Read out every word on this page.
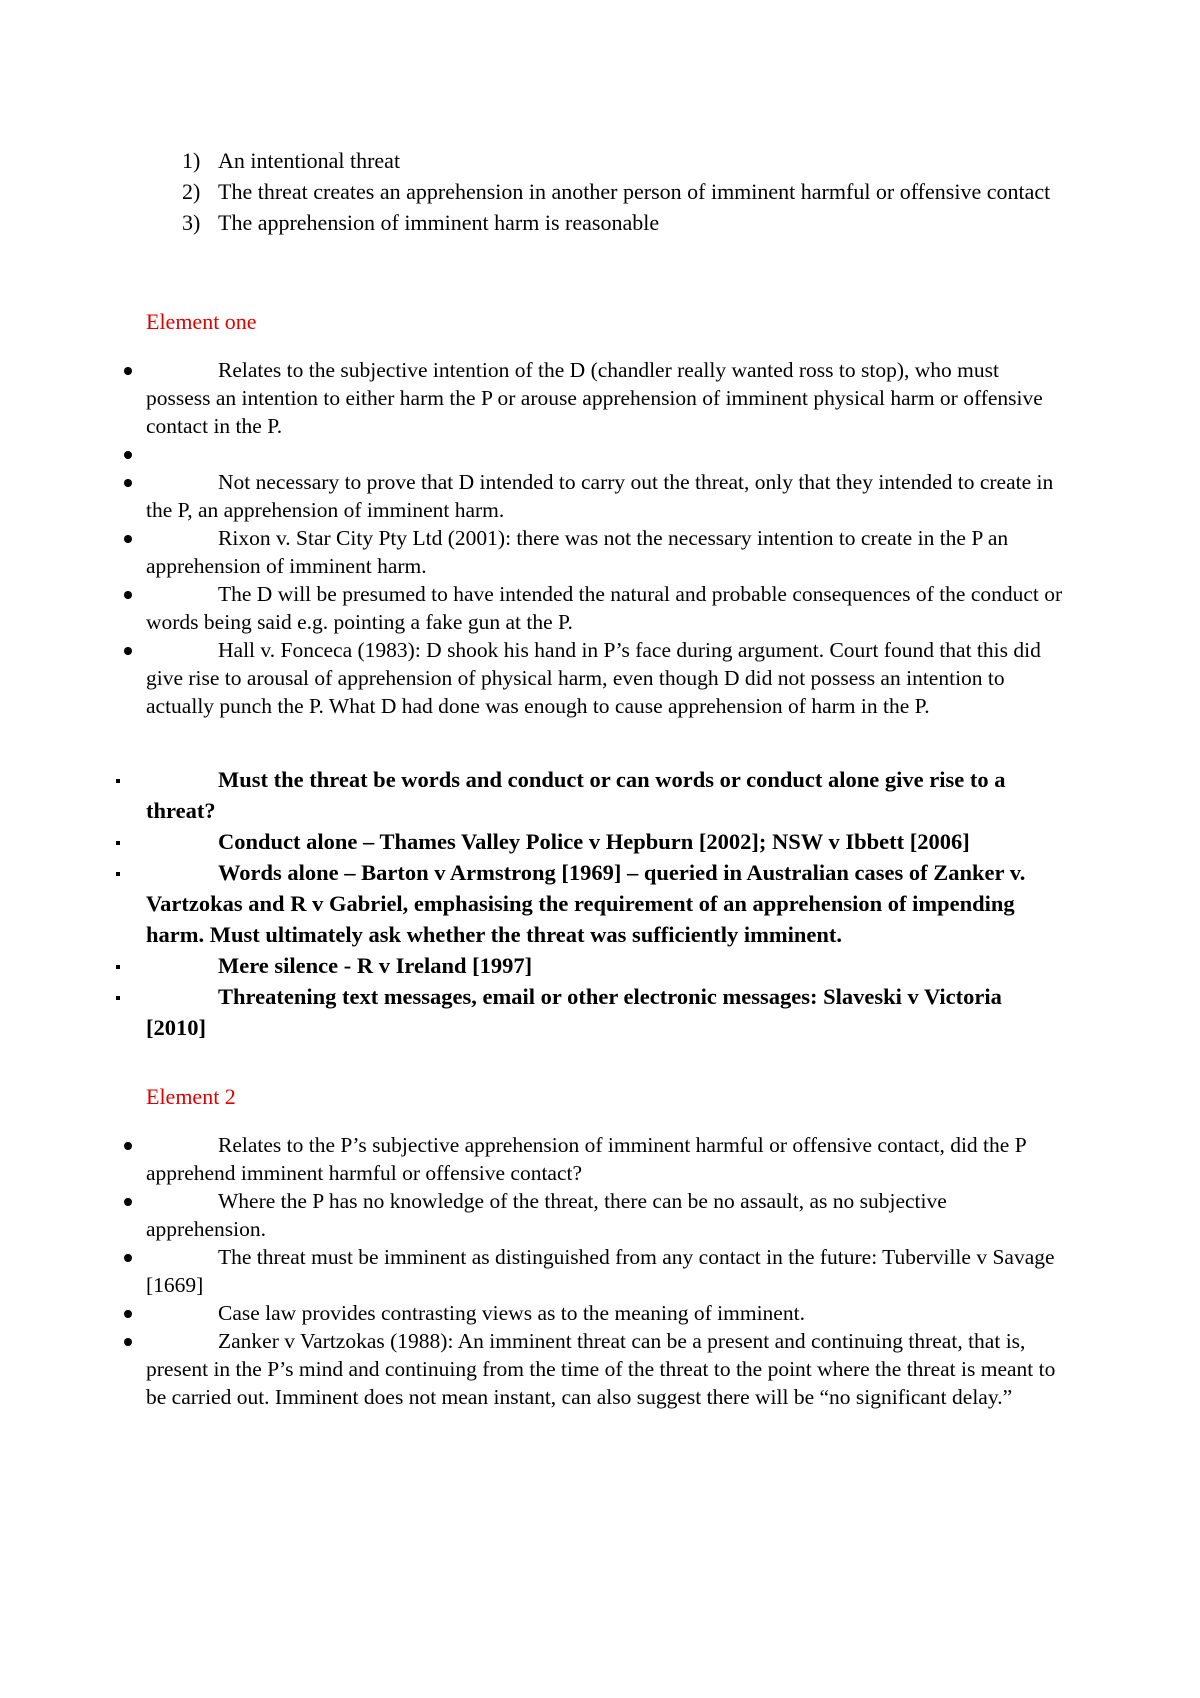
1) An intentional threat
2) The threat creates an apprehension in another person of imminent harmful or offensive contact
3) The apprehension of imminent harm is reasonable

Element one

Relates to the subjective intention of the D (chandler really wanted ross to stop), who must possess an intention to either harm the P or arouse apprehension of imminent physical harm or offensive contact in the P.
Not necessary to prove that D intended to carry out the threat, only that they intended to create in the P, an apprehension of imminent harm.
Rixon v. Star City Pty Ltd (2001): there was not the necessary intention to create in the P an apprehension of imminent harm.
The D will be presumed to have intended the natural and probable consequences of the conduct or words being said e.g. pointing a fake gun at the P.
Hall v. Fonceca (1983): D shook his hand in P’s face during argument. Court found that this did give rise to arousal of apprehension of physical harm, even though D did not possess an intention to actually punch the P. What D had done was enough to cause apprehension of harm in the P.
Must the threat be words and conduct or can words or conduct alone give rise to a threat?
Conduct alone – Thames Valley Police v Hepburn [2002]; NSW v Ibbett [2006]
Words alone – Barton v Armstrong [1969] – queried in Australian cases of Zanker v. Vartzokas and R v Gabriel, emphasising the requirement of an apprehension of impending harm. Must ultimately ask whether the threat was sufficiently imminent.
Mere silence - R v Ireland [1997]
Threatening text messages, email or other electronic messages: Slaveski v Victoria [2010]

Element 2

Relates to the P’s subjective apprehension of imminent harmful or offensive contact, did the P apprehend imminent harmful or offensive contact?
Where the P has no knowledge of the threat, there can be no assault, as no subjective apprehension.
The threat must be imminent as distinguished from any contact in the future: Tuberville v Savage [1669]
Case law provides contrasting views as to the meaning of imminent.
Zanker v Vartzokas (1988): An imminent threat can be a present and continuing threat, that is, present in the P’s mind and continuing from the time of the threat to the point where the threat is meant to be carried out. Imminent does not mean instant, can also suggest there will be “no significant delay.”
